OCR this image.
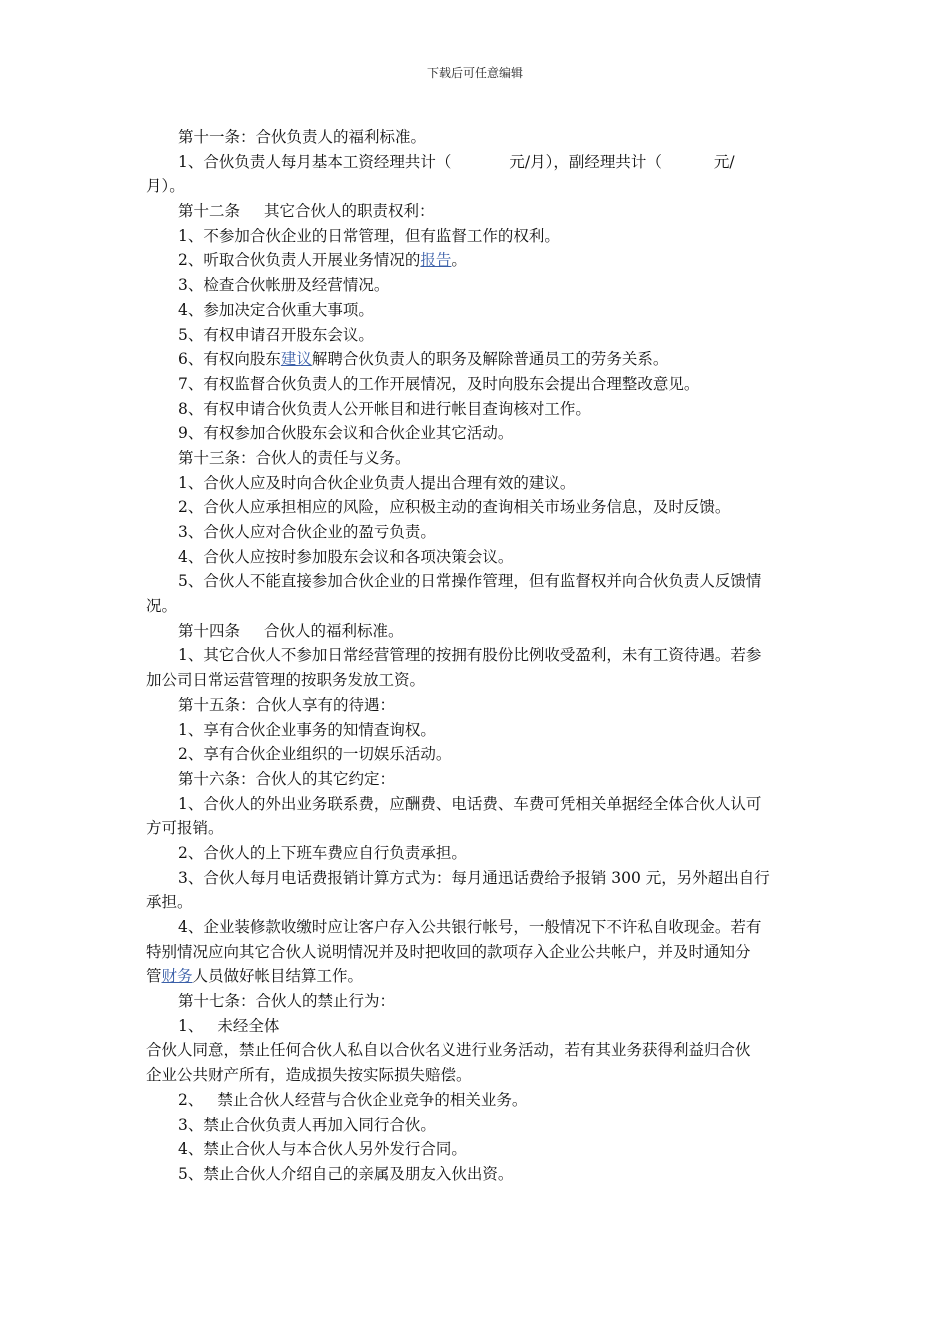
下载后可任意编辑
第十一条：合伙负责人的福利标准。
1、合伙负责人每月基本工资经理共计（	元/月），副经理共计（	元/
月）。
第十二条 其它合伙人的职责权利：
1、不参加合伙企业的日常管理，但有监督工作的权利。
2、听取合伙负责人开展业务情况的报告。
3、检查合伙帐册及经营情况。
4、参加决定合伙重大事项。
5、有权申请召开股东会议。
6、有权向股东建议解聘合伙负责人的职务及解除普通员工的劳务关系。
7、有权监督合伙负责人的工作开展情况，及时向股东会提出合理整改意见。
8、有权申请合伙负责人公开帐目和进行帐目查询核对工作。
9、有权参加合伙股东会议和合伙企业其它活动。
第十三条：合伙人的责任与义务。
1、合伙人应及时向合伙企业负责人提出合理有效的建议。
2、合伙人应承担相应的风险，应积极主动的查询相关市场业务信息，及时反馈。
3、合伙人应对合伙企业的盈亏负责。
4、合伙人应按时参加股东会议和各项决策会议。
5、合伙人不能直接参加合伙企业的日常操作管理，但有监督权并向合伙负责人反馈情
况。
第十四条 合伙人的福利标准。
1、其它合伙人不参加日常经营管理的按拥有股份比例收受盈利，未有工资待遇。若参
加公司日常运营管理的按职务发放工资。
第十五条：合伙人享有的待遇：
1、享有合伙企业事务的知情查询权。
2、享有合伙企业组织的一切娱乐活动。
第十六条：合伙人的其它约定：
1、合伙人的外出业务联系费，应酬费、电话费、车费可凭相关单据经全体合伙人认可
方可报销。
2、合伙人的上下班车费应自行负责承担。
3、合伙人每月电话费报销计算方式为：每月通迅话费给予报销 300 元，另外超出自行
承担。
4、企业装修款收缴时应让客户存入公共银行帐号，一般情况下不许私自收现金。若有
特别情况应向其它合伙人说明情况并及时把收回的款项存入企业公共帐户，并及时通知分
管财务人员做好帐目结算工作。
第十七条：合伙人的禁止行为：
1、 未经全体
合伙人同意，禁止任何合伙人私自以合伙名义进行业务活动，若有其业务获得利益归合伙
企业公共财产所有，造成损失按实际损失赔偿。
2、 禁止合伙人经营与合伙企业竞争的相关业务。
3、禁止合伙负责人再加入同行合伙。
4、禁止合伙人与本合伙人另外发行合同。
5、禁止合伙人介绍自己的亲属及朋友入伙出资。
